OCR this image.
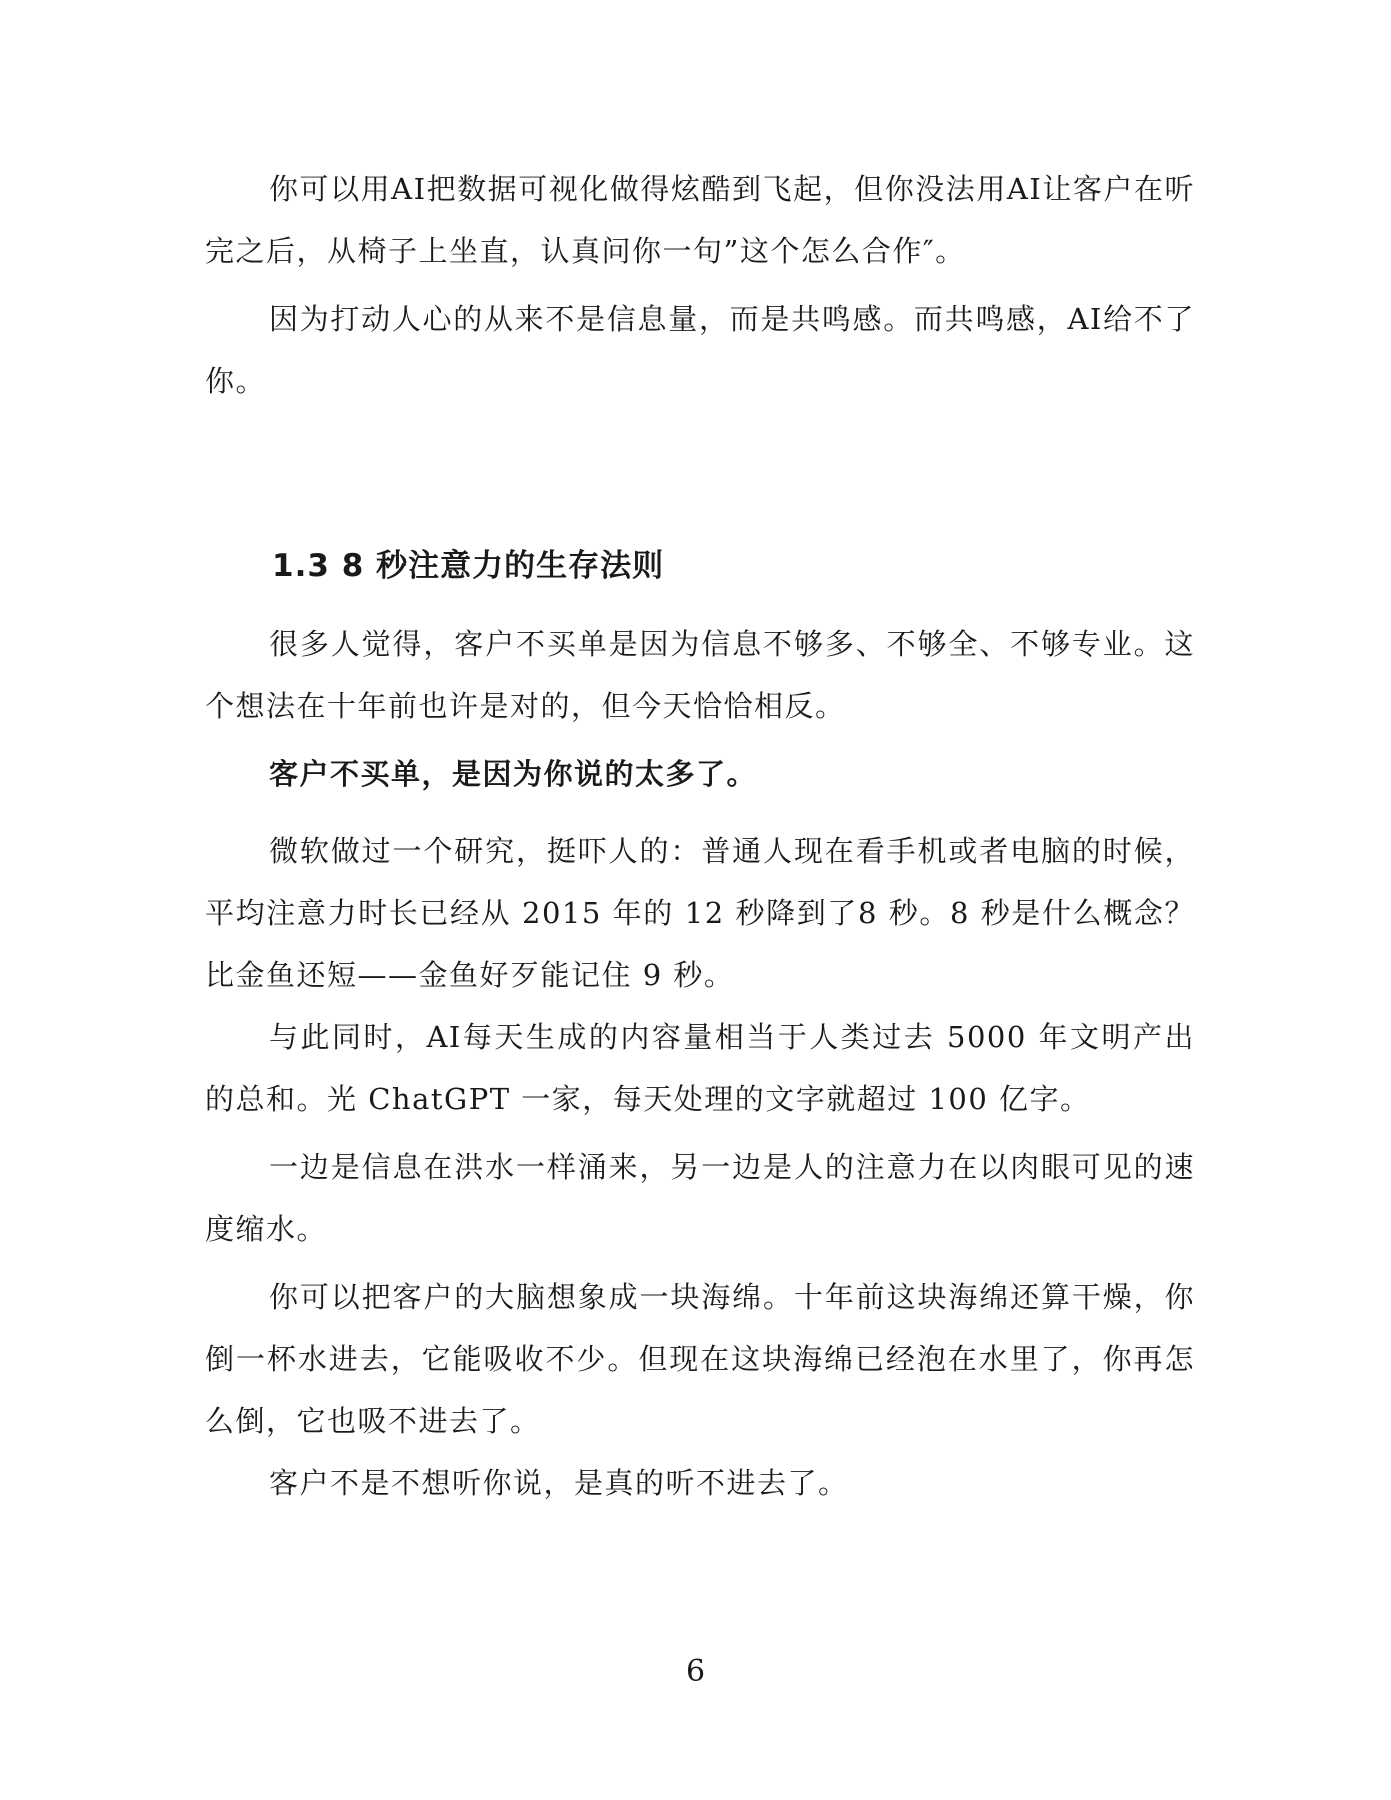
你可以用AI把数据可视化做得炫酷到飞起，但你没法用AI让客户在听完之后，从椅子上坐直，认真问你一句”这个怎么合作″。

因为打动人心的从来不是信息量，而是共鸣感。而共鸣感，AI给不了你。

1.3 8 秒注意力的生存法则

很多人觉得，客户不买单是因为信息不够多、不够全、不够专业。这个想法在十年前也许是对的，但今天恰恰相反。

客户不买单，是因为你说的太多了。

微软做过一个研究，挺吓人的：普通人现在看手机或者电脑的时候，平均注意力时长已经从 2015 年的 12 秒降到了8 秒。8 秒是什么概念？比金鱼还短——金鱼好歹能记住 9 秒。

与此同时，AI每天生成的内容量相当于人类过去 5000 年文明产出的总和。光 ChatGPT 一家，每天处理的文字就超过 100 亿字。

一边是信息在洪水一样涌来，另一边是人的注意力在以肉眼可见的速度缩水。

你可以把客户的大脑想象成一块海绵。十年前这块海绵还算干燥，你倒一杯水进去，它能吸收不少。但现在这块海绵已经泡在水里了，你再怎么倒，它也吸不进去了。

客户不是不想听你说，是真的听不进去了。

6
